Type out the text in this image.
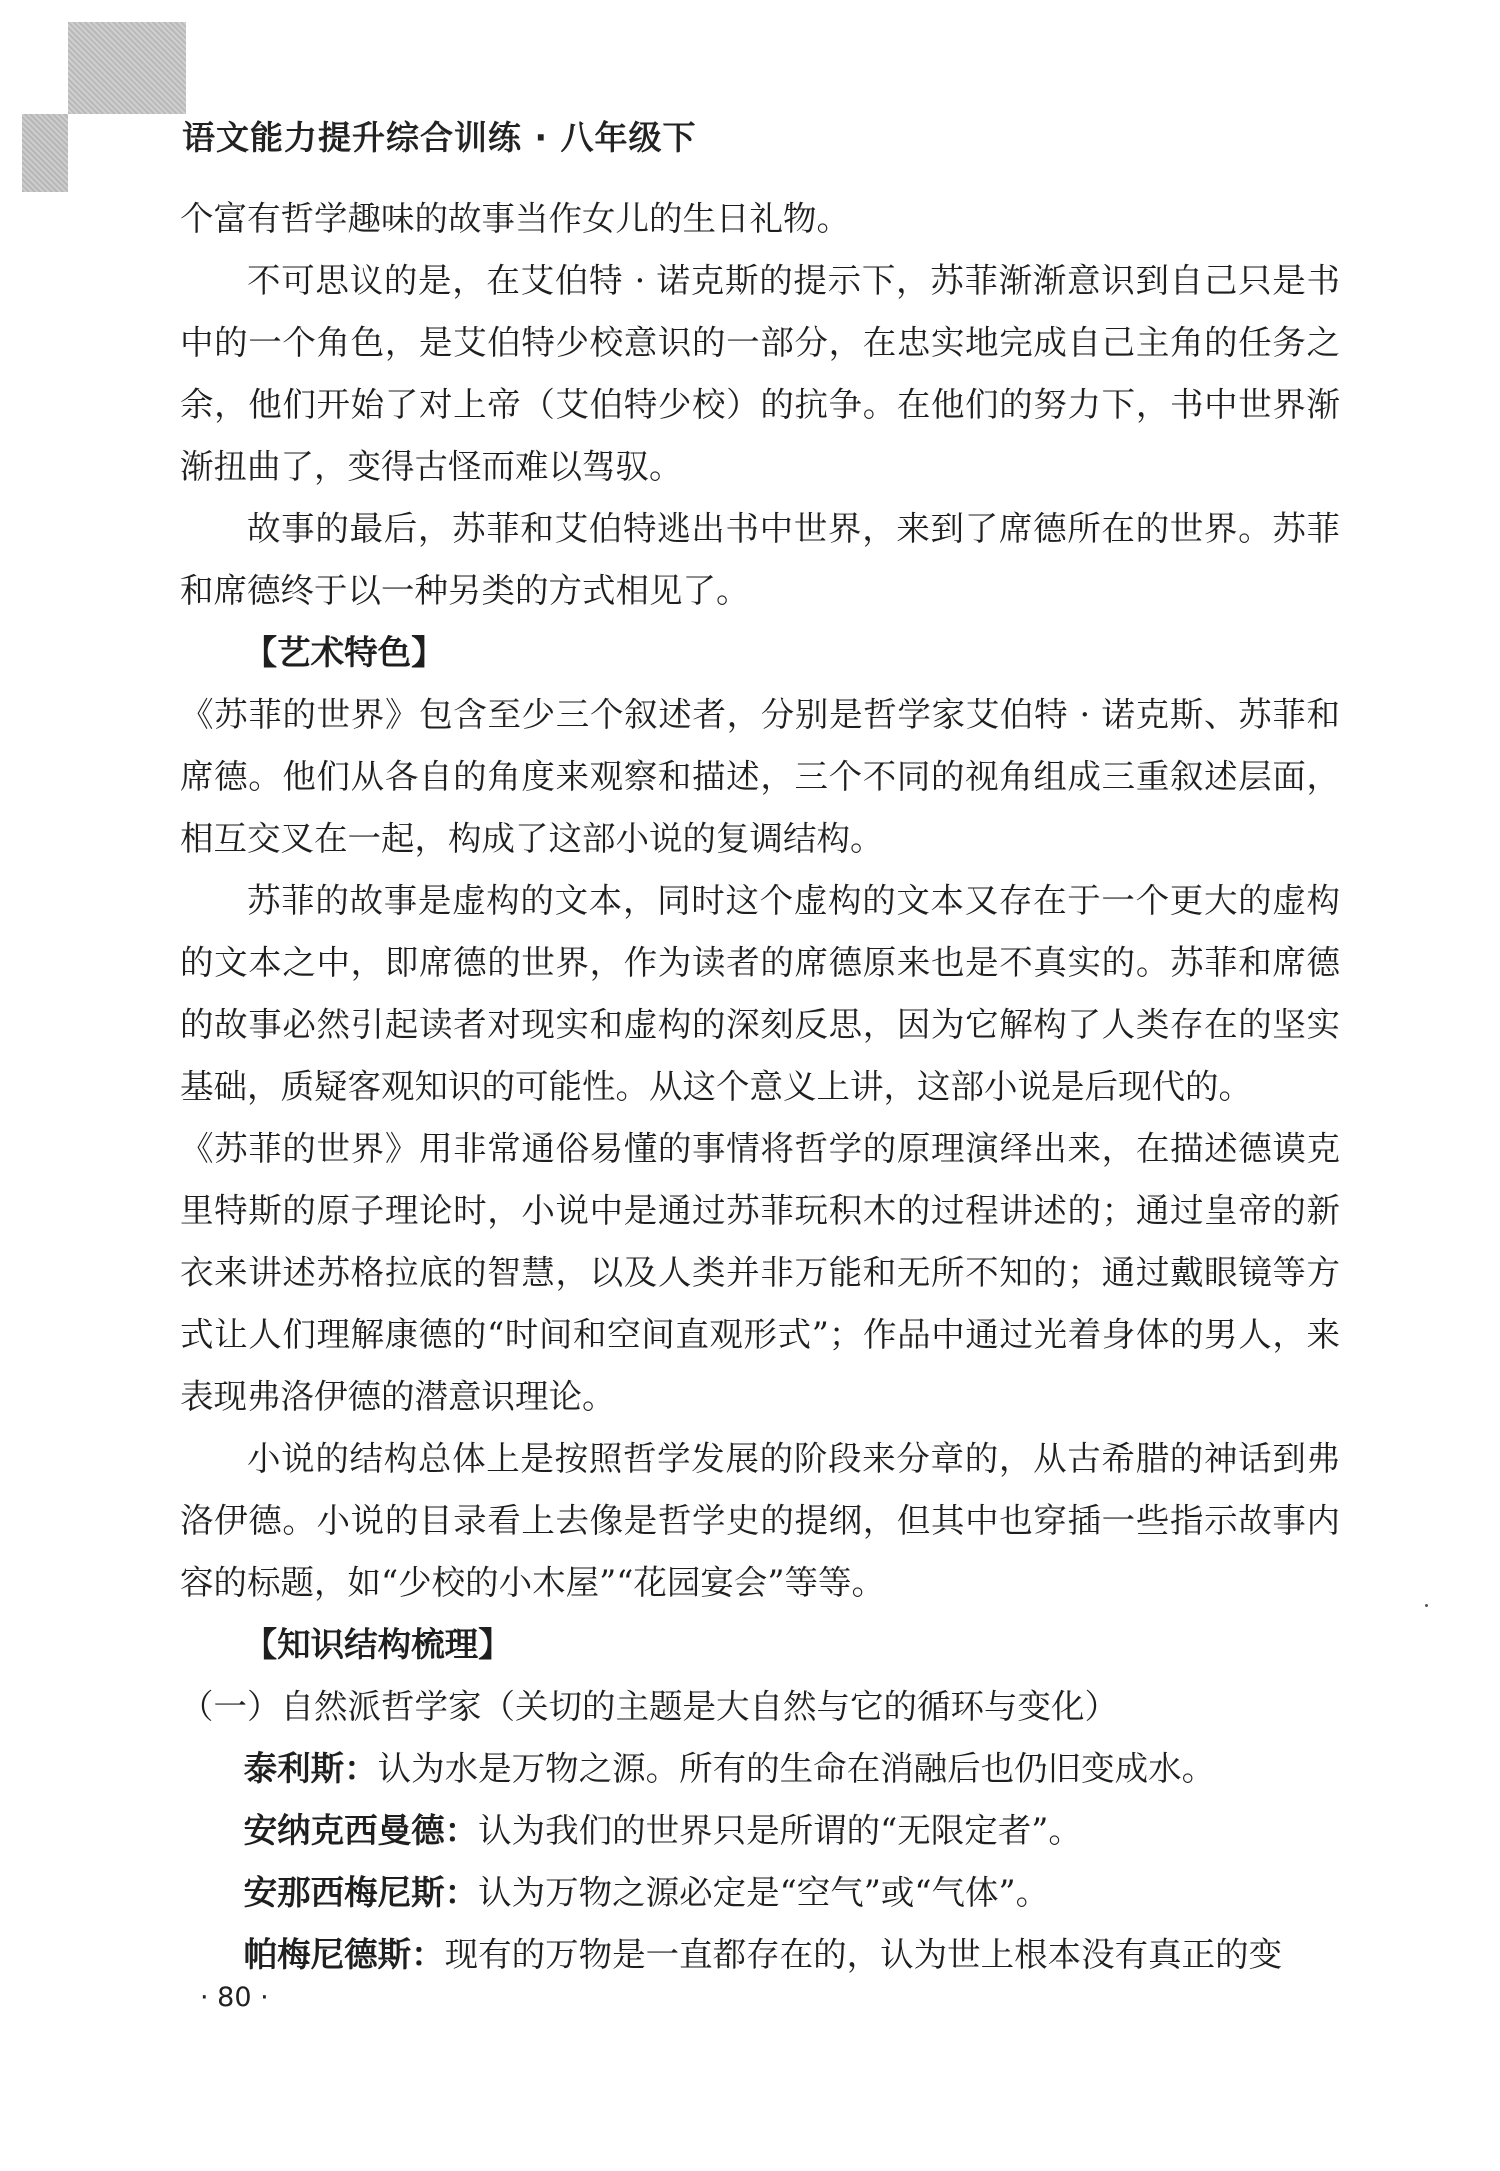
语文能力提升综合训练 · 八年级下

个富有哲学趣味的故事当作女儿的生日礼物。

不可思议的是，在艾伯特 · 诺克斯的提示下，苏菲渐渐意识到自己只是书中的一个角色，是艾伯特少校意识的一部分，在忠实地完成自己主角的任务之余，他们开始了对上帝（艾伯特少校）的抗争。在他们的努力下，书中世界渐渐扭曲了，变得古怪而难以驾驭。

故事的最后，苏菲和艾伯特逃出书中世界，来到了席德所在的世界。苏菲和席德终于以一种另类的方式相见了。

【艺术特色】

《苏菲的世界》包含至少三个叙述者，分别是哲学家艾伯特 · 诺克斯、苏菲和席德。他们从各自的角度来观察和描述，三个不同的视角组成三重叙述层面，相互交叉在一起，构成了这部小说的复调结构。

苏菲的故事是虚构的文本，同时这个虚构的文本又存在于一个更大的虚构的文本之中，即席德的世界，作为读者的席德原来也是不真实的。苏菲和席德的故事必然引起读者对现实和虚构的深刻反思，因为它解构了人类存在的坚实基础，质疑客观知识的可能性。从这个意义上讲，这部小说是后现代的。

《苏菲的世界》用非常通俗易懂的事情将哲学的原理演绎出来，在描述德谟克里特斯的原子理论时，小说中是通过苏菲玩积木的过程讲述的；通过皇帝的新衣来讲述苏格拉底的智慧，以及人类并非万能和无所不知的；通过戴眼镜等方式让人们理解康德的“时间和空间直观形式”；作品中通过光着身体的男人，来表现弗洛伊德的潜意识理论。

小说的结构总体上是按照哲学发展的阶段来分章的，从古希腊的神话到弗洛伊德。小说的目录看上去像是哲学史的提纲，但其中也穿插一些指示故事内容的标题，如“少校的小木屋”“花园宴会”等等。

【知识结构梳理】

（一）自然派哲学家（关切的主题是大自然与它的循环与变化）

泰利斯：认为水是万物之源。所有的生命在消融后也仍旧变成水。

安纳克西曼德：认为我们的世界只是所谓的“无限定者”。

安那西梅尼斯：认为万物之源必定是“空气”或“气体”。

帕梅尼德斯：现有的万物是一直都存在的，认为世上根本没有真正的变

· 80 ·
